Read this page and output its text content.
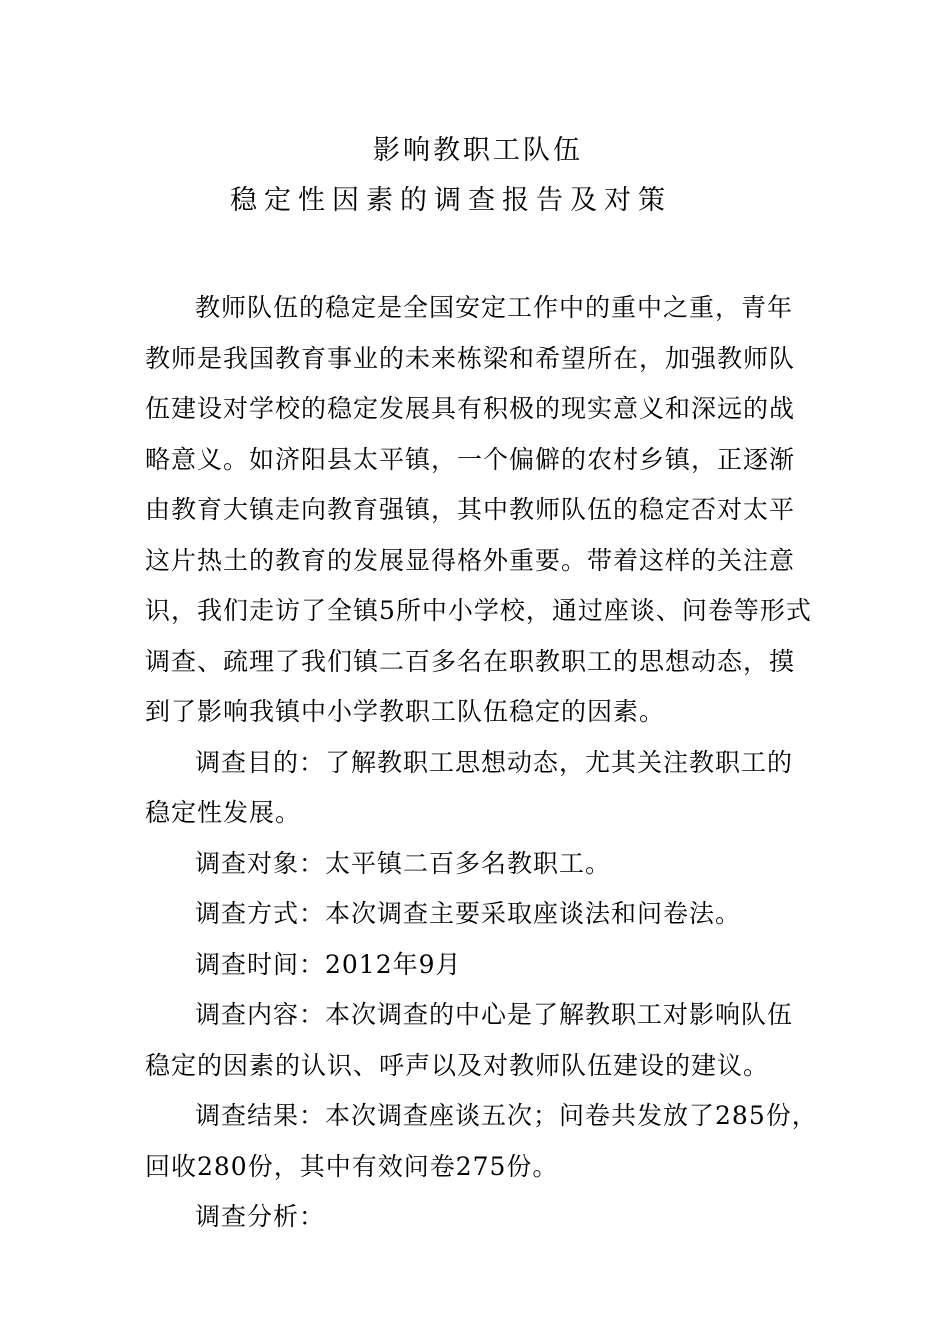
影响教职工队伍
稳定性因素的调查报告及对策

教师队伍的稳定是全国安定工作中的重中之重，青年

教师是我国教育事业的未来栋梁和希望所在，加强教师队

伍建设对学校的稳定发展具有积极的现实意义和深远的战

略意义。如济阳县太平镇，一个偏僻的农村乡镇，正逐渐

由教育大镇走向教育强镇，其中教师队伍的稳定否对太平

这片热土的教育的发展显得格外重要。带着这样的关注意

识，我们走访了全镇5所中小学校，通过座谈、问卷等形式

调查、疏理了我们镇二百多名在职教职工的思想动态，摸

到了影响我镇中小学教职工队伍稳定的因素。

调查目的：了解教职工思想动态，尤其关注教职工的

稳定性发展。

调查对象：太平镇二百多名教职工。

调查方式：本次调查主要采取座谈法和问卷法。

调查时间：2012年9月

调查内容：本次调查的中心是了解教职工对影响队伍

稳定的因素的认识、呼声以及对教师队伍建设的建议。

调查结果：本次调查座谈五次；问卷共发放了285份，

回收280份，其中有效问卷275份。

调查分析：
